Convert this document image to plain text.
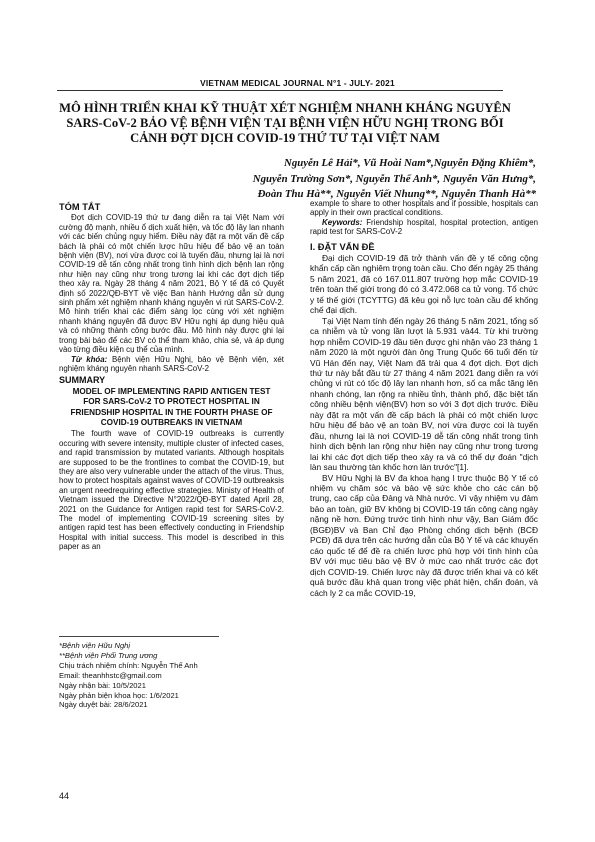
VIETNAM MEDICAL JOURNAL N°1 - JULY- 2021
MÔ HÌNH TRIỂN KHAI KỸ THUẬT XÉT NGHIỆM NHANH KHÁNG NGUYÊN SARS-CoV-2 BẢO VỆ BỆNH VIỆN TẠI BỆNH VIỆN HỮU NGHỊ TRONG BỐI CẢNH ĐỢT DỊCH COVID-19 THỨ TƯ TẠI VIỆT NAM
Nguyễn Lê Hải*, Vũ Hoài Nam*,Nguyễn Đặng Khiêm*,
Nguyễn Trường Sơn*, Nguyễn Thế Anh*, Nguyễn Văn Hưng*,
Đoàn Thu Hà**, Nguyễn Viết Nhung**, Nguyễn Thanh Hà**
TÓM TẮT

Đợt dịch COVID-19 thứ tư đang diễn ra tại Việt Nam với cường độ mạnh, nhiều ổ dịch xuất hiện, và tốc độ lây lan nhanh với các biến chủng nguy hiểm. Điều này đặt ra một vấn đề cấp bách là phải có một chiến lược hữu hiệu để bảo vệ an toàn bệnh viện (BV), nơi vừa được coi là tuyến đầu, nhưng lại là nơi COVID-19 dễ tấn công nhất trong tình hình dịch bệnh lan rộng như hiện nay cũng như trong tương lai khi các đợt dịch tiếp theo xảy ra. Ngày 28 tháng 4 năm 2021, Bộ Y tế đã có Quyết định số 2022/QĐ-BYT về việc Ban hành Hướng dẫn sử dụng sinh phẩm xét nghiệm nhanh kháng nguyên vi rút SARS-CoV-2. Mô hình triển khai các điểm sàng lọc cùng với xét nghiệm nhanh kháng nguyên đã được BV Hữu nghị áp dụng hiệu quả và có những thành công bước đầu. Mô hình này được ghi lại trong bài báo để các BV có thể tham khảo, chia sẻ, và áp dụng vào từng điều kiện cụ thể của mình.

Từ khóa: Bệnh viện Hữu Nghị, bảo vệ Bệnh viện, xét nghiệm kháng nguyên nhanh SARS-CoV-2

SUMMARY
MODEL OF IMPLEMENTING RAPID ANTIGEN TEST FOR SARS-CoV-2 TO PROTECT HOSPITAL IN FRIENDSHIP HOSPITAL IN THE FOURTH PHASE OF COVID-19 OUTBREAKS IN VIETNAM

The fourth wave of COVID-19 outbreaks is currently occuring with severe intensity, multiple cluster of infected cases, and rapid transmission by mutated variants. Although hospitals are supposed to be the frontlines to combat the COVID-19, but they are also very vulnerable under the attach of the virus. Thus, how to protect hospitals against waves of COVID-19 outbreaksis an urgent needrequiring effective strategies. Ministy of Health of Vietnam issued the Directive N°2022/QĐ-BYT dated April 28, 2021 on the Guidance for Antigen rapid test for SARS-CoV-2. The model of implementing COVID-19 screening sites by antigen rapid test has been effectively conducting in Friendship Hospital with initial success. This model is described in this paper as an

*Bệnh viện Hữu Nghị
**Bệnh viện Phổi Trung ương
Chịu trách nhiệm chính: Nguyễn Thế Anh
Email: theanhhstc@gmail.com
Ngày nhận bài: 10/5/2021
Ngày phản biện khoa học: 1/6/2021
Ngày duyệt bài: 28/6/2021

example to share to other hospitals and if possible, hospitals can apply in their own practical conditions.

Keywords: Friendship hospital, hospital protection, antigen rapid test for SARS-CoV-2

I. ĐẶT VẤN ĐỀ

Đại dịch COVID-19 đã trở thành vấn đề y tế công cộng khẩn cấp cần nghiêm trọng toàn cầu. Cho đến ngày 25 tháng 5 năm 2021, đã có 167.011.807 trường hợp mắc COVID-19 trên toàn thế giới trong đó có 3.472.068 ca tử vong. Tổ chức y tế thế giới (TCYTTG) đã kêu gọi nỗ lực toàn cầu để khống chế đại dịch.

Tại Việt Nam tính đến ngày 26 tháng 5 năm 2021, tổng số ca nhiễm và tử vong lần lượt là 5.931 và44. Từ khi trường hợp nhiễm COVID-19 đầu tiên được ghi nhận vào 23 tháng 1 năm 2020 là một người đàn ông Trung Quốc 66 tuổi đến từ Vũ Hán đến nay, Việt Nam đã trải qua 4 đợt dịch. Đợt dịch thứ tư này bắt đầu từ 27 tháng 4 năm 2021 đang diễn ra với chủng vi rút có tốc độ lây lan nhanh hơn, số ca mắc tăng lên nhanh chóng, lan rộng ra nhiều tỉnh, thành phố, đặc biệt tấn công nhiều bệnh viện(BV) hơn so với 3 đợt dịch trước. Điều này đặt ra một vấn đề cấp bách là phải có một chiến lược hữu hiệu để bảo vệ an toàn BV, nơi vừa được coi là tuyến đầu, nhưng lại là nơi COVID-19 dễ tấn công nhất trong tình hình dịch bệnh lan rộng như hiện nay cũng như trong tương lai khi các đợt dịch tiếp theo xảy ra và có thể dự đoán "dịch làn sau thường tàn khốc hơn làn trước"[1].

BV Hữu Nghị là BV đa khoa hạng I trực thuộc Bộ Y tế có nhiệm vụ chăm sóc và bảo vệ sức khỏe cho các cán bộ trung, cao cấp của Đảng và Nhà nước. Vì vậy nhiệm vụ đảm bảo an toàn, giữ BV không bị COVID-19 tấn công càng ngày nặng nề hơn. Đứng trước tình hình như vậy, Ban Giám đốc (BGĐ)BV và Ban Chỉ đạo Phòng chống dịch bệnh (BCĐ PCĐ) đã dựa trên các hướng dẫn của Bộ Y tế và các khuyến cáo quốc tế để đề ra chiến lược phù hợp với tình hình của BV với mục tiêu bảo vệ BV ở mức cao nhất trước các đợt dịch COVID-19. Chiến lược này đã được triển khai và có kết quả bước đầu khả quan trong việc phát hiện, chẩn đoán, và cách ly 2 ca mắc COVID-19,

44
